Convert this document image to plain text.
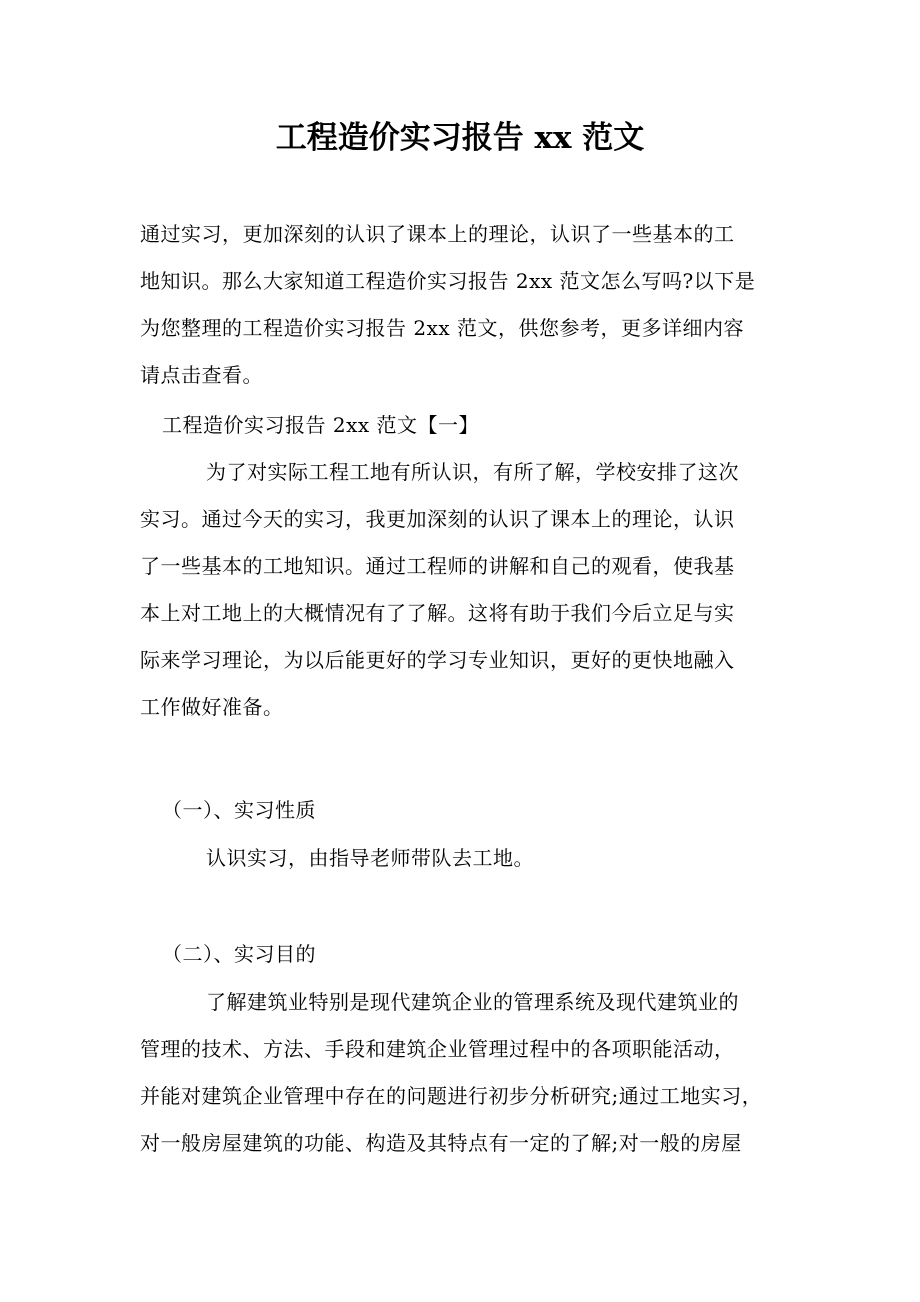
工程造价实习报告 xx 范文
通过实习，更加深刻的认识了课本上的理论，认识了一些基本的工
地知识。那么大家知道工程造价实习报告 2xx 范文怎么写吗?以下是
为您整理的工程造价实习报告 2xx 范文，供您参考，更多详细内容
请点击查看。

工程造价实习报告 2xx 范文【一】

为了对实际工程工地有所认识，有所了解，学校安排了这次
实习。通过今天的实习，我更加深刻的认识了课本上的理论，认识
了一些基本的工地知识。通过工程师的讲解和自己的观看，使我基
本上对工地上的大概情况有了了解。这将有助于我们今后立足与实
际来学习理论，为以后能更好的学习专业知识，更好的更快地融入
工作做好准备。

（一）、实习性质

认识实习，由指导老师带队去工地。

（二）、实习目的

了解建筑业特别是现代建筑企业的管理系统及现代建筑业的
管理的技术、方法、手段和建筑企业管理过程中的各项职能活动，
并能对建筑企业管理中存在的问题进行初步分析研究;通过工地实习，
对一般房屋建筑的功能、构造及其特点有一定的了解;对一般的房屋
